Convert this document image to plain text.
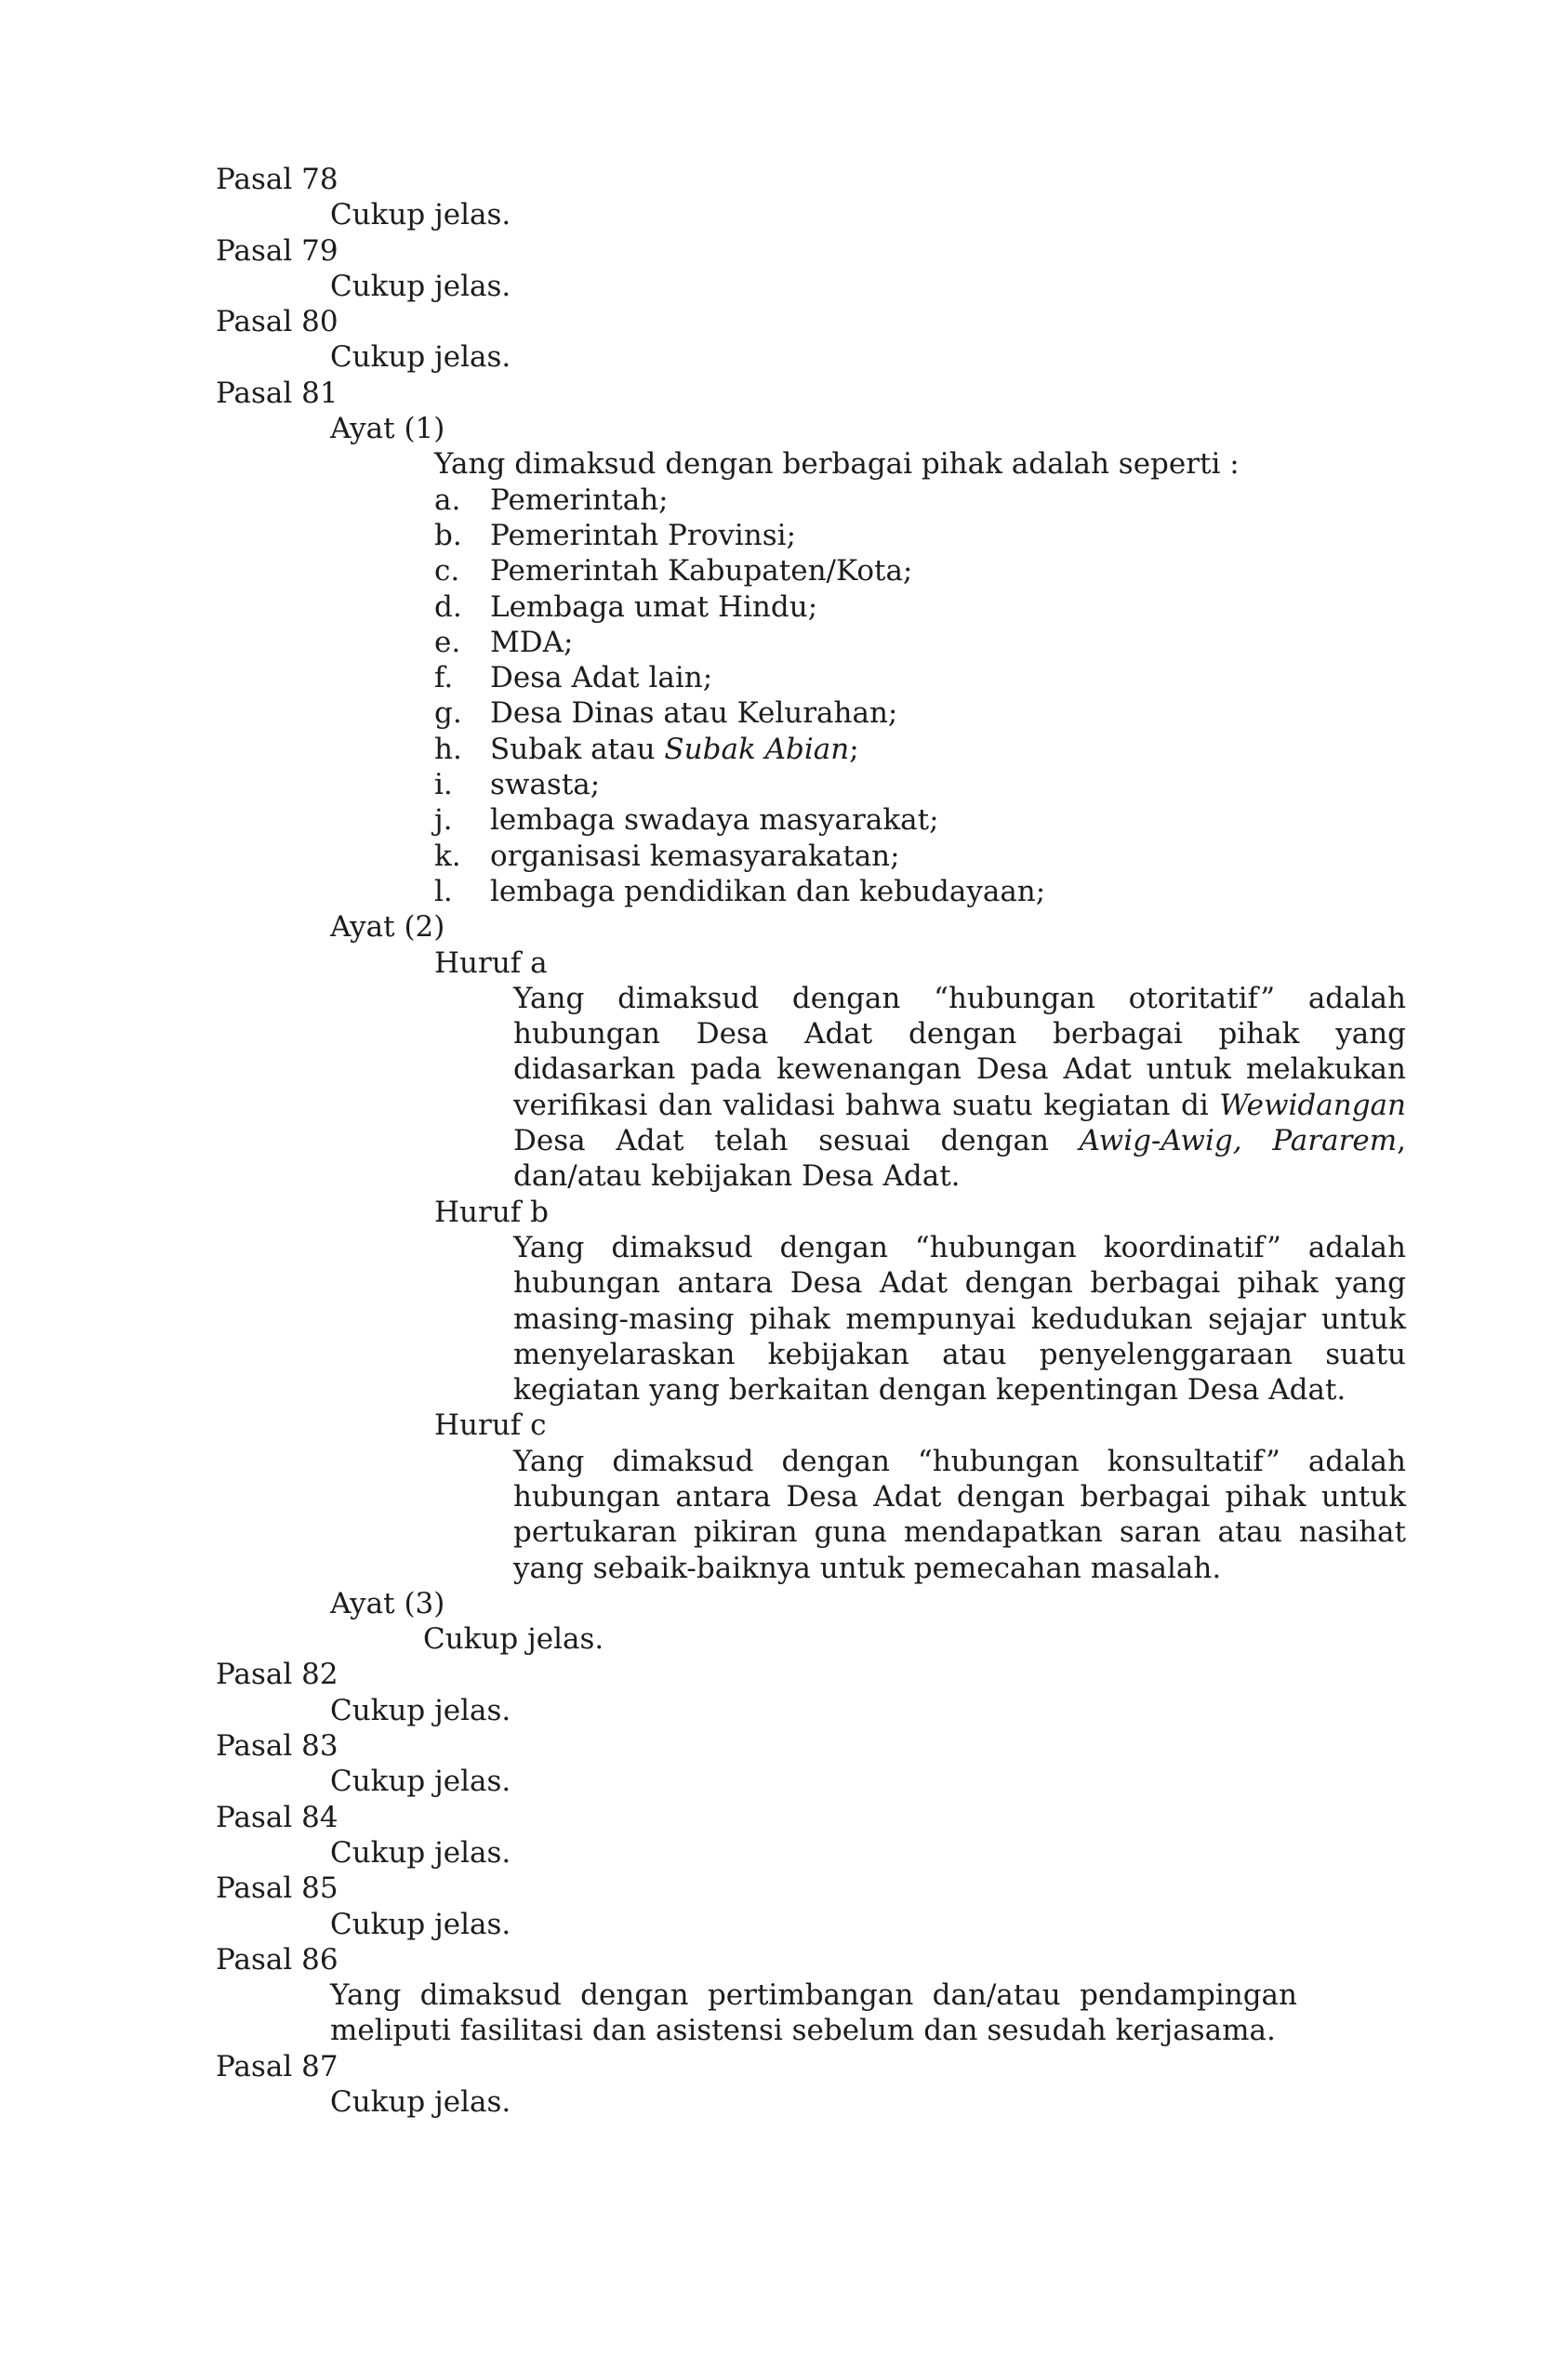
Pasal 78
Cukup jelas.
Pasal 79
Cukup jelas.
Pasal 80
Cukup jelas.
Pasal 81
Ayat (1)
Yang dimaksud dengan berbagai pihak adalah seperti :
a.	Pemerintah;
b. Pemerintah Provinsi;
c.	Pemerintah Kabupaten/Kota;
d. Lembaga umat Hindu;
e.	MDA;
f.	Desa Adat lain;
g. Desa Dinas atau Kelurahan;
h. Subak atau Subak Abian;
i.	swasta;
j.	lembaga swadaya masyarakat;
k.	organisasi kemasyarakatan;
l.	lembaga pendidikan dan kebudayaan;
Ayat (2)
Huruf a
Yang dimaksud dengan “hubungan otoritatif” adalah hubungan Desa Adat dengan berbagai pihak yang didasarkan pada kewenangan Desa Adat untuk melakukan verifikasi dan validasi bahwa suatu kegiatan di Wewidangan Desa Adat telah sesuai dengan Awig-Awig, Pararem, dan/atau kebijakan Desa Adat.
Huruf b
Yang dimaksud dengan “hubungan koordinatif” adalah hubungan antara Desa Adat dengan berbagai pihak yang masing-masing pihak mempunyai kedudukan sejajar untuk menyelaraskan kebijakan atau penyelenggaraan suatu kegiatan yang berkaitan dengan kepentingan Desa Adat.
Huruf c
Yang dimaksud dengan “hubungan konsultatif” adalah hubungan antara Desa Adat dengan berbagai pihak untuk pertukaran pikiran guna mendapatkan saran atau nasihat yang sebaik-baiknya untuk pemecahan masalah.
Ayat (3)
Cukup jelas.
Pasal 82
Cukup jelas.
Pasal 83
Cukup jelas.
Pasal 84
Cukup jelas.
Pasal 85
Cukup jelas.
Pasal 86
Yang dimaksud dengan pertimbangan dan/atau pendampingan meliputi fasilitasi dan asistensi sebelum dan sesudah kerjasama.
Pasal 87
Cukup jelas.
